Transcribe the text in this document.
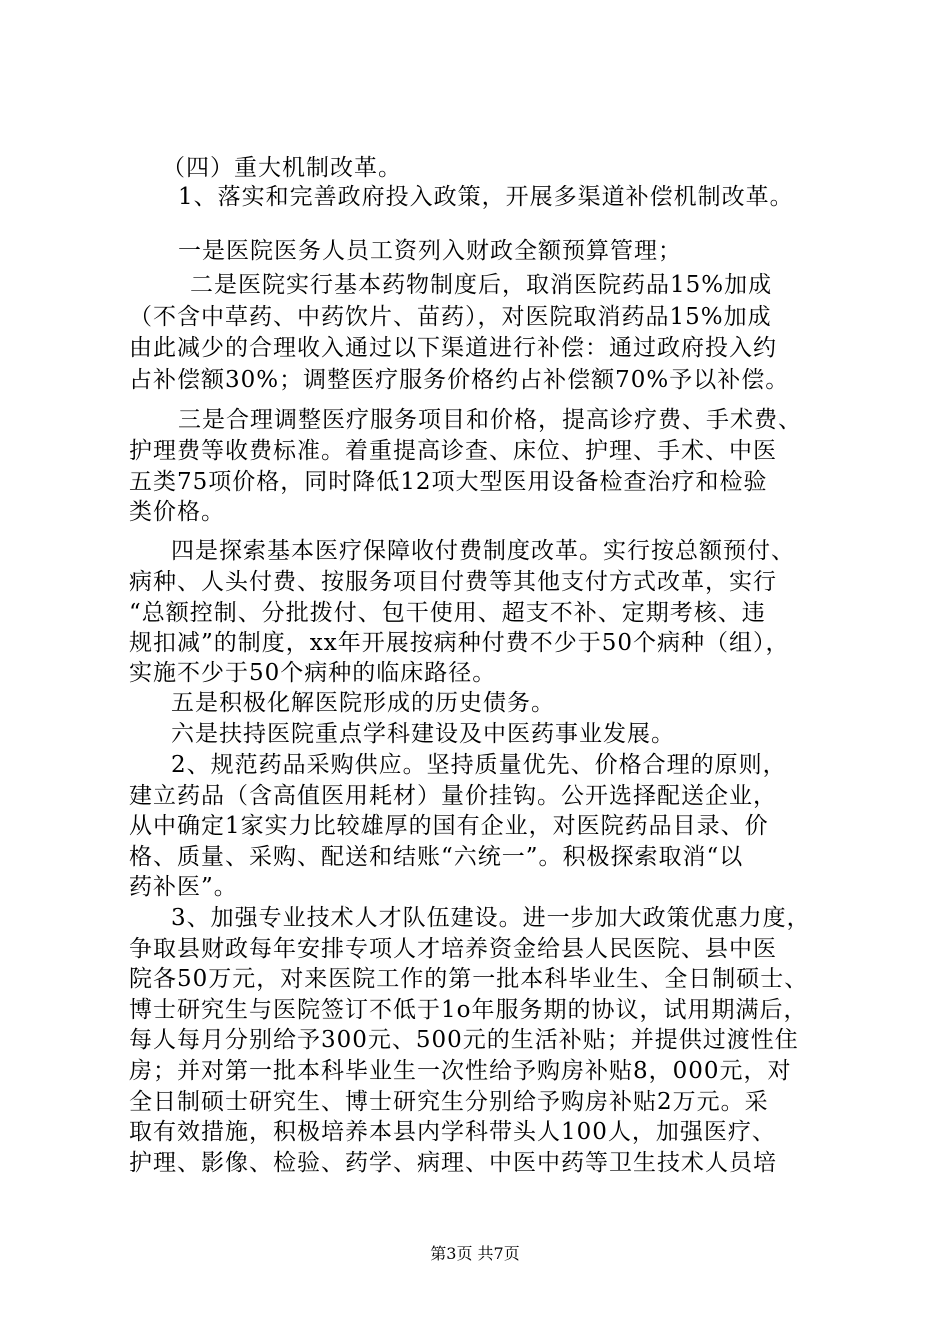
（四）重大机制改革。
1、落实和完善政府投入政策，开展多渠道补偿机制改革。
一是医院医务人员工资列入财政全额预算管理；
二是医院实行基本药物制度后，取消医院药品15%加成
（不含中草药、中药饮片、苗药），对医院取消药品15%加成
由此减少的合理收入通过以下渠道进行补偿：通过政府投入约
占补偿额30%；调整医疗服务价格约占补偿额70%予以补偿。
三是合理调整医疗服务项目和价格，提高诊疗费、手术费、
护理费等收费标准。着重提高诊查、床位、护理、手术、中医
五类75项价格，同时降低12项大型医用设备检查治疗和检验
类价格。
四是探索基本医疗保障收付费制度改革。实行按总额预付、
病种、人头付费、按服务项目付费等其他支付方式改革，实行
“总额控制、分批拨付、包干使用、超支不补、定期考核、违
规扣减”的制度，xx年开展按病种付费不少于50个病种（组），
实施不少于50个病种的临床路径。
五是积极化解医院形成的历史债务。
六是扶持医院重点学科建设及中医药事业发展。
2、规范药品采购供应。坚持质量优先、价格合理的原则，
建立药品（含高值医用耗材）量价挂钩。公开选择配送企业，
从中确定1家实力比较雄厚的国有企业，对医院药品目录、价
格、质量、采购、配送和结账“六统一”。积极探索取消“以
药补医”。
3、加强专业技术人才队伍建设。进一步加大政策优惠力度，
争取县财政每年安排专项人才培养资金给县人民医院、县中医
院各50万元，对来医院工作的第一批本科毕业生、全日制硕士、
博士研究生与医院签订不低于1o年服务期的协议，试用期满后，
每人每月分别给予300元、500元的生活补贴；并提供过渡性住
房；并对第一批本科毕业生一次性给予购房补贴8，000元，对
全日制硕士研究生、博士研究生分别给予购房补贴2万元。采
取有效措施，积极培养本县内学科带头人100人，加强医疗、
护理、影像、检验、药学、病理、中医中药等卫生技术人员培
第3页 共7页
